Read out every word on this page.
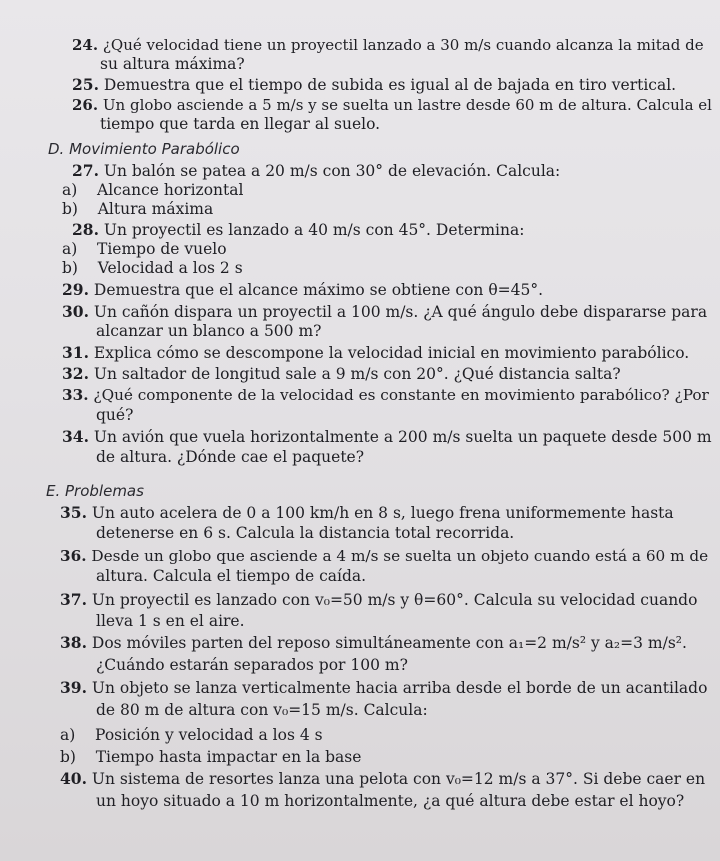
24. ¿Qué velocidad tiene un proyectil lanzado a 30 m/s cuando alcanza la mitad de
su altura máxima?
25. Demuestra que el tiempo de subida es igual al de bajada en tiro vertical.
26. Un globo asciende a 5 m/s y se suelta un lastre desde 60 m de altura. Calcula el
tiempo que tarda en llegar al suelo.
D. Movimiento Parabólico
27. Un balón se patea a 20 m/s con 30° de elevación. Calcula:
a) Alcance horizontal
b) Altura máxima
28. Un proyectil es lanzado a 40 m/s con 45°. Determina:
a) Tiempo de vuelo
b) Velocidad a los 2 s
29. Demuestra que el alcance máximo se obtiene con θ=45°.
30. Un cañón dispara un proyectil a 100 m/s. ¿A qué ángulo debe dispararse para
alcanzar un blanco a 500 m?
31. Explica cómo se descompone la velocidad inicial en movimiento parabólico.
32. Un saltador de longitud sale a 9 m/s con 20°. ¿Qué distancia salta?
33. ¿Qué componente de la velocidad es constante en movimiento parabólico? ¿Por
qué?
34. Un avión que vuela horizontalmente a 200 m/s suelta un paquete desde 500 m
de altura. ¿Dónde cae el paquete?
E. Problemas
35. Un auto acelera de 0 a 100 km/h en 8 s, luego frena uniformemente hasta
detenerse en 6 s. Calcula la distancia total recorrida.
36. Desde un globo que asciende a 4 m/s se suelta un objeto cuando está a 60 m de
altura. Calcula el tiempo de caída.
37. Un proyectil es lanzado con v₀=50 m/s y θ=60°. Calcula su velocidad cuando
lleva 1 s en el aire.
38. Dos móviles parten del reposo simultáneamente con a₁=2 m/s² y a₂=3 m/s².
¿Cuándo estarán separados por 100 m?
39. Un objeto se lanza verticalmente hacia arriba desde el borde de un acantilado
de 80 m de altura con v₀=15 m/s. Calcula:
a) Posición y velocidad a los 4 s
b) Tiempo hasta impactar en la base
40. Un sistema de resortes lanza una pelota con v₀=12 m/s a 37°. Si debe caer en
un hoyo situado a 10 m horizontalmente, ¿a qué altura debe estar el hoyo?
